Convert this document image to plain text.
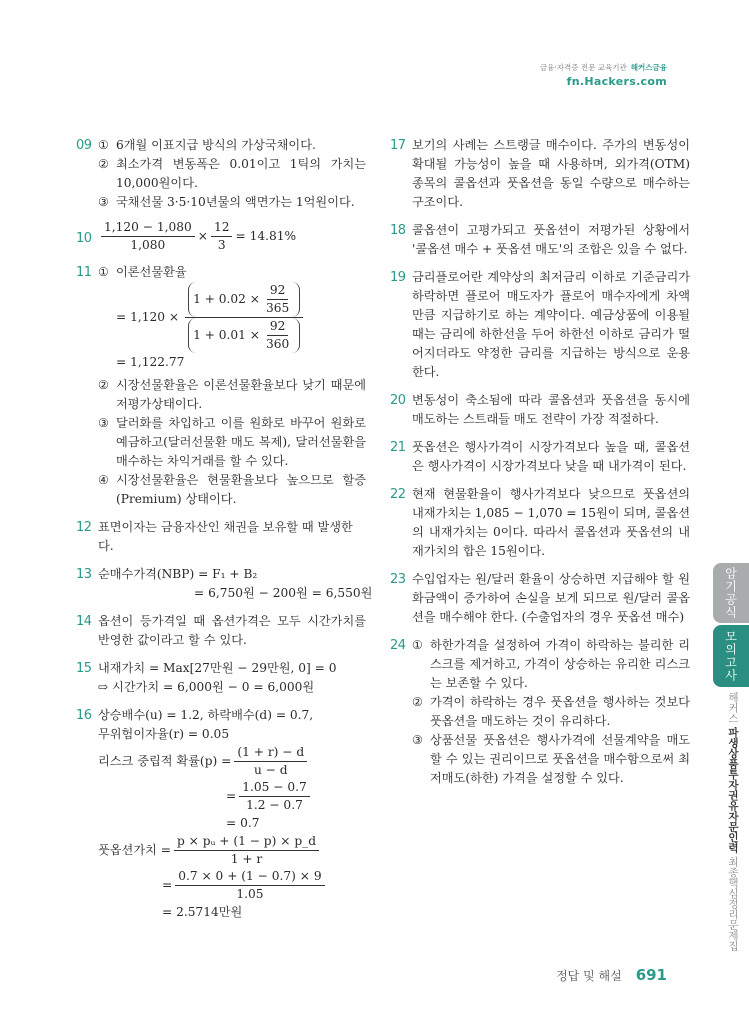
금융·자격증 전문 교육기관 해커스금융
fn.Hackers.com
09 ① 6개월 이표지급 방식의 가상국채이다.
② 최소가격 변동폭은 0.01이고 1틱의 가치는 10,000원이다.
③ 국채선물 3·5·10년물의 액면가는 1억원이다.
$10 \frac{1,120 - 1,080}{1,080} \times \frac{12}{3} = 14.81\%$
11 ① 이론선물환율
= $1,120 \times \frac{1 + 0.02 \times \frac{92}{365}}{1 + 0.01 \times \frac{92}{360}}$
= 1,122.77
② 시장선물환율은 이론선물환율보다 낮기 때문에 저평가상태이다.
③ 달러화를 차입하고 이를 원화로 바꾸어 원화로 예금하고(달러선물환 매도 복제), 달러선물환을 매수하는 차익거래를 할 수 있다.
④ 시장선물환율은 현물환율보다 높으므로 할증(Premium) 상태이다.
12 표면이자는 금융자산인 채권을 보유할 때 발생한다.
13 순매수가격(NBP) = F₁ + B₂
= 6,750원 − 200원 = 6,550원
14 옵션이 등가격일 때 옵션가격은 모두 시간가치를 반영한 값이라고 할 수 있다.
15 내재가치 = Max[27만원 − 29만원, 0] = 0
⇨ 시간가치 = 6,000원 − 0 = 6,000원
16 상승배수(u) = 1.2, 하락배수(d) = 0.7,
무위험이자율(r) = 0.05
리스크 중립적 확률$(p) = \frac{(1 + r) - d}{u - d}$
= $\frac{1.05 - 0.7}{1.2 - 0.7}$
= 0.7
풋옵션가치 = $\frac{\text{p × pᵤ + (1 − p) × p\_d}}{1 + r}$
= $\frac{0.7 \times 0 + (1 - 0.7) \times 9}{1.05}$
= 2.5714만원
17 보기의 사례는 스트랭글 매수이다. 주가의 변동성이 확대될 가능성이 높을 때 사용하며, 외가격(OTM) 종목의 콜옵션과 풋옵션을 동일 수량으로 매수하는 구조이다.
18 콜옵션이 고평가되고 풋옵션이 저평가된 상황에서 '콜옵션 매수 + 풋옵션 매도'의 조합은 있을 수 없다.
19 금리플로어란 계약상의 최저금리 이하로 기준금리가 하락하면 플로어 매도자가 플로어 매수자에게 차액만큼 지급하기로 하는 계약이다. 예금상품에 이용될 때는 금리에 하한선을 두어 하한선 이하로 금리가 떨어지더라도 약정한 금리를 지급하는 방식으로 운용한다.
20 변동성이 축소됨에 따라 콜옵션과 풋옵션을 동시에 매도하는 스트래들 매도 전략이 가장 적절하다.
21 풋옵션은 행사가격이 시장가격보다 높을 때, 콜옵션은 행사가격이 시장가격보다 낮을 때 내가격이 된다.
22 현재 현물환율이 행사가격보다 낮으므로 풋옵션의 내재가치는 1,085 − 1,070 = 15원이 되며, 콜옵션의 내재가치는 0이다. 따라서 콜옵션과 풋옵션의 내재가치의 합은 15원이다.
23 수입업자는 원/달러 환율이 상승하면 지급해야 할 원화금액이 증가하여 손실을 보게 되므로 원/달러 콜옵션을 매수해야 한다. (수출업자의 경우 풋옵션 매수)
24 ① 하한가격을 설정하여 가격이 하락하는 불리한 리스크를 제거하고, 가격이 상승하는 유리한 리스크는 보존할 수 있다.
② 가격이 하락하는 경우 풋옵션을 행사하는 것보다 풋옵션을 매도하는 것이 유리하다.
③ 상품선물 풋옵션은 행사가격에 선물계약을 매도할 수 있는 권리이므로 풋옵션을 매수함으로써 최저매도(하한) 가격을 설정할 수 있다.
암기공식
모의고사
해커스 파생상품투자권유자문인력 최종핵심정리문제집
정답 및 해설 691
